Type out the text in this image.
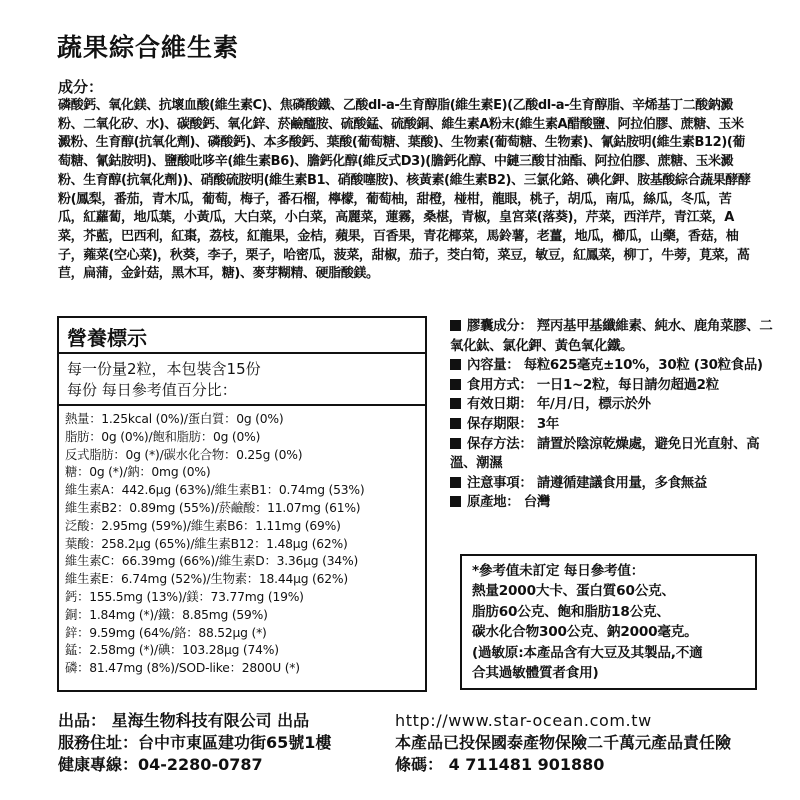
蔬果綜合維生素
成分：
磷酸鈣、氧化鎂、抗壞血酸(維生素C)、焦磷酸鐵、乙酸dl-a-生育醇脂(維生素E)(乙酸dl-a-生育醇脂、辛烯基丁二酸鈉澱粉、二氧化矽、水)、碳酸鈣、氧化鋅、菸鹼醯胺、硫酸錳、硫酸銅、維生素A粉末(維生素A醋酸鹽、阿拉伯膠、蔗糖、玉米澱粉、生育醇(抗氧化劑)、磷酸鈣)、本多酸鈣、葉酸(葡萄糖、葉酸)、生物素(葡萄糖、生物素)、氰鈷胺明(維生素B12)(葡萄糖、氰鈷胺明)、鹽酸吡哆辛(維生素B6)、膽鈣化醇(維反式D3)(膽鈣化醇、中鏈三酸甘油酯、阿拉伯膠、蔗糖、玉米澱粉、生育醇(抗氧化劑))、硝酸硫胺明(維生素B1、硝酸噻胺)、核黃素(維生素B2)、三氯化鉻、碘化鉀、胺基酸綜合蔬果酵酵粉(鳳梨，番茄，青木瓜，葡萄，梅子，番石榴，檸檬，葡萄柚，甜橙，椪柑，龍眼，桃子，胡瓜，南瓜，絲瓜，冬瓜，苦瓜，紅蘿蔔，地瓜葉，小黃瓜，大白菜，小白菜，高麗菜，蓮霧，桑椹，青椒，皇宮菜(落葵)，芹菜，西洋芹，青江菜，A菜，芥藍，巴西利，紅棗，荔枝，紅龍果，金桔，蘋果，百香果，青花椰菜，馬鈴薯，老薑，地瓜，櫛瓜，山藥，香菇，柚子，蕹菜(空心菜)，秋葵，李子，栗子，哈密瓜，菠菜，甜椒，茄子，茭白筍，菜豆，敏豆，紅鳳菜，柳丁，牛蒡，莧菜，萵苣，扁蒲，金針菇，黑木耳，糖)、麥芽糊精、硬脂酸鎂。
營養標示
每一份量2粒，本包裝含15份
每份 每日參考值百分比：
熱量：1.25kcal (0%)/蛋白質：0g (0%)
脂肪：0g (0%)/飽和脂肪：0g (0%)
反式脂肪：0g (*)/碳水化合物：0.25g (0%)
糖：0g (*)/鈉：0mg (0%)
維生素A：442.6μg (63%)/維生素B1：0.74mg (53%)
維生素B2：0.89mg (55%)/菸鹼酸：11.07mg (61%)
泛酸：2.95mg (59%)/維生素B6：1.11mg (69%)
葉酸：258.2μg (65%)/維生素B12：1.48μg (62%)
維生素C：66.39mg (66%)/維生素D：3.36μg (34%)
維生素E：6.74mg (52%)/生物素：18.44μg (62%)
鈣：155.5mg (13%)/鎂：73.77mg (19%)
銅：1.84mg (*)/鐵：8.85mg (59%)
鋅：9.59mg (64%/鉻：88.52μg (*)
錳：2.58mg (*)/碘：103.28μg (74%)
磷：81.47mg (8%)/SOD-like：2800U (*)
膠囊成分： 羥丙基甲基纖維素、純水、鹿角菜膠、二氧化鈦、氯化鉀、黃色氧化鐵。
內容量： 每粒625毫克±10%，30粒 (30粒食品)
食用方式： 一日1~2粒，每日請勿超過2粒
有效日期： 年/月/日，標示於外
保存期限： 3年
保存方法： 請置於陰涼乾燥處，避免日光直射、高溫、潮濕
注意事項： 請遵循建議食用量，多食無益
原產地： 台灣
*參考值未訂定 每日參考值：
熱量2000大卡、蛋白質60公克、
脂肪60公克、飽和脂肪18公克、
碳水化合物300公克、鈉2000毫克。
(過敏原:本產品含有大豆及其製品,不適
合其過敏體質者食用)
出品： 星海生物科技有限公司 出品
服務住址：台中市東區建功街65號1樓
健康專線：04-2280-0787
http://www.star-ocean.com.tw
本產品已投保國泰產物保險二千萬元產品責任險
條碼： 4 711481 901880
